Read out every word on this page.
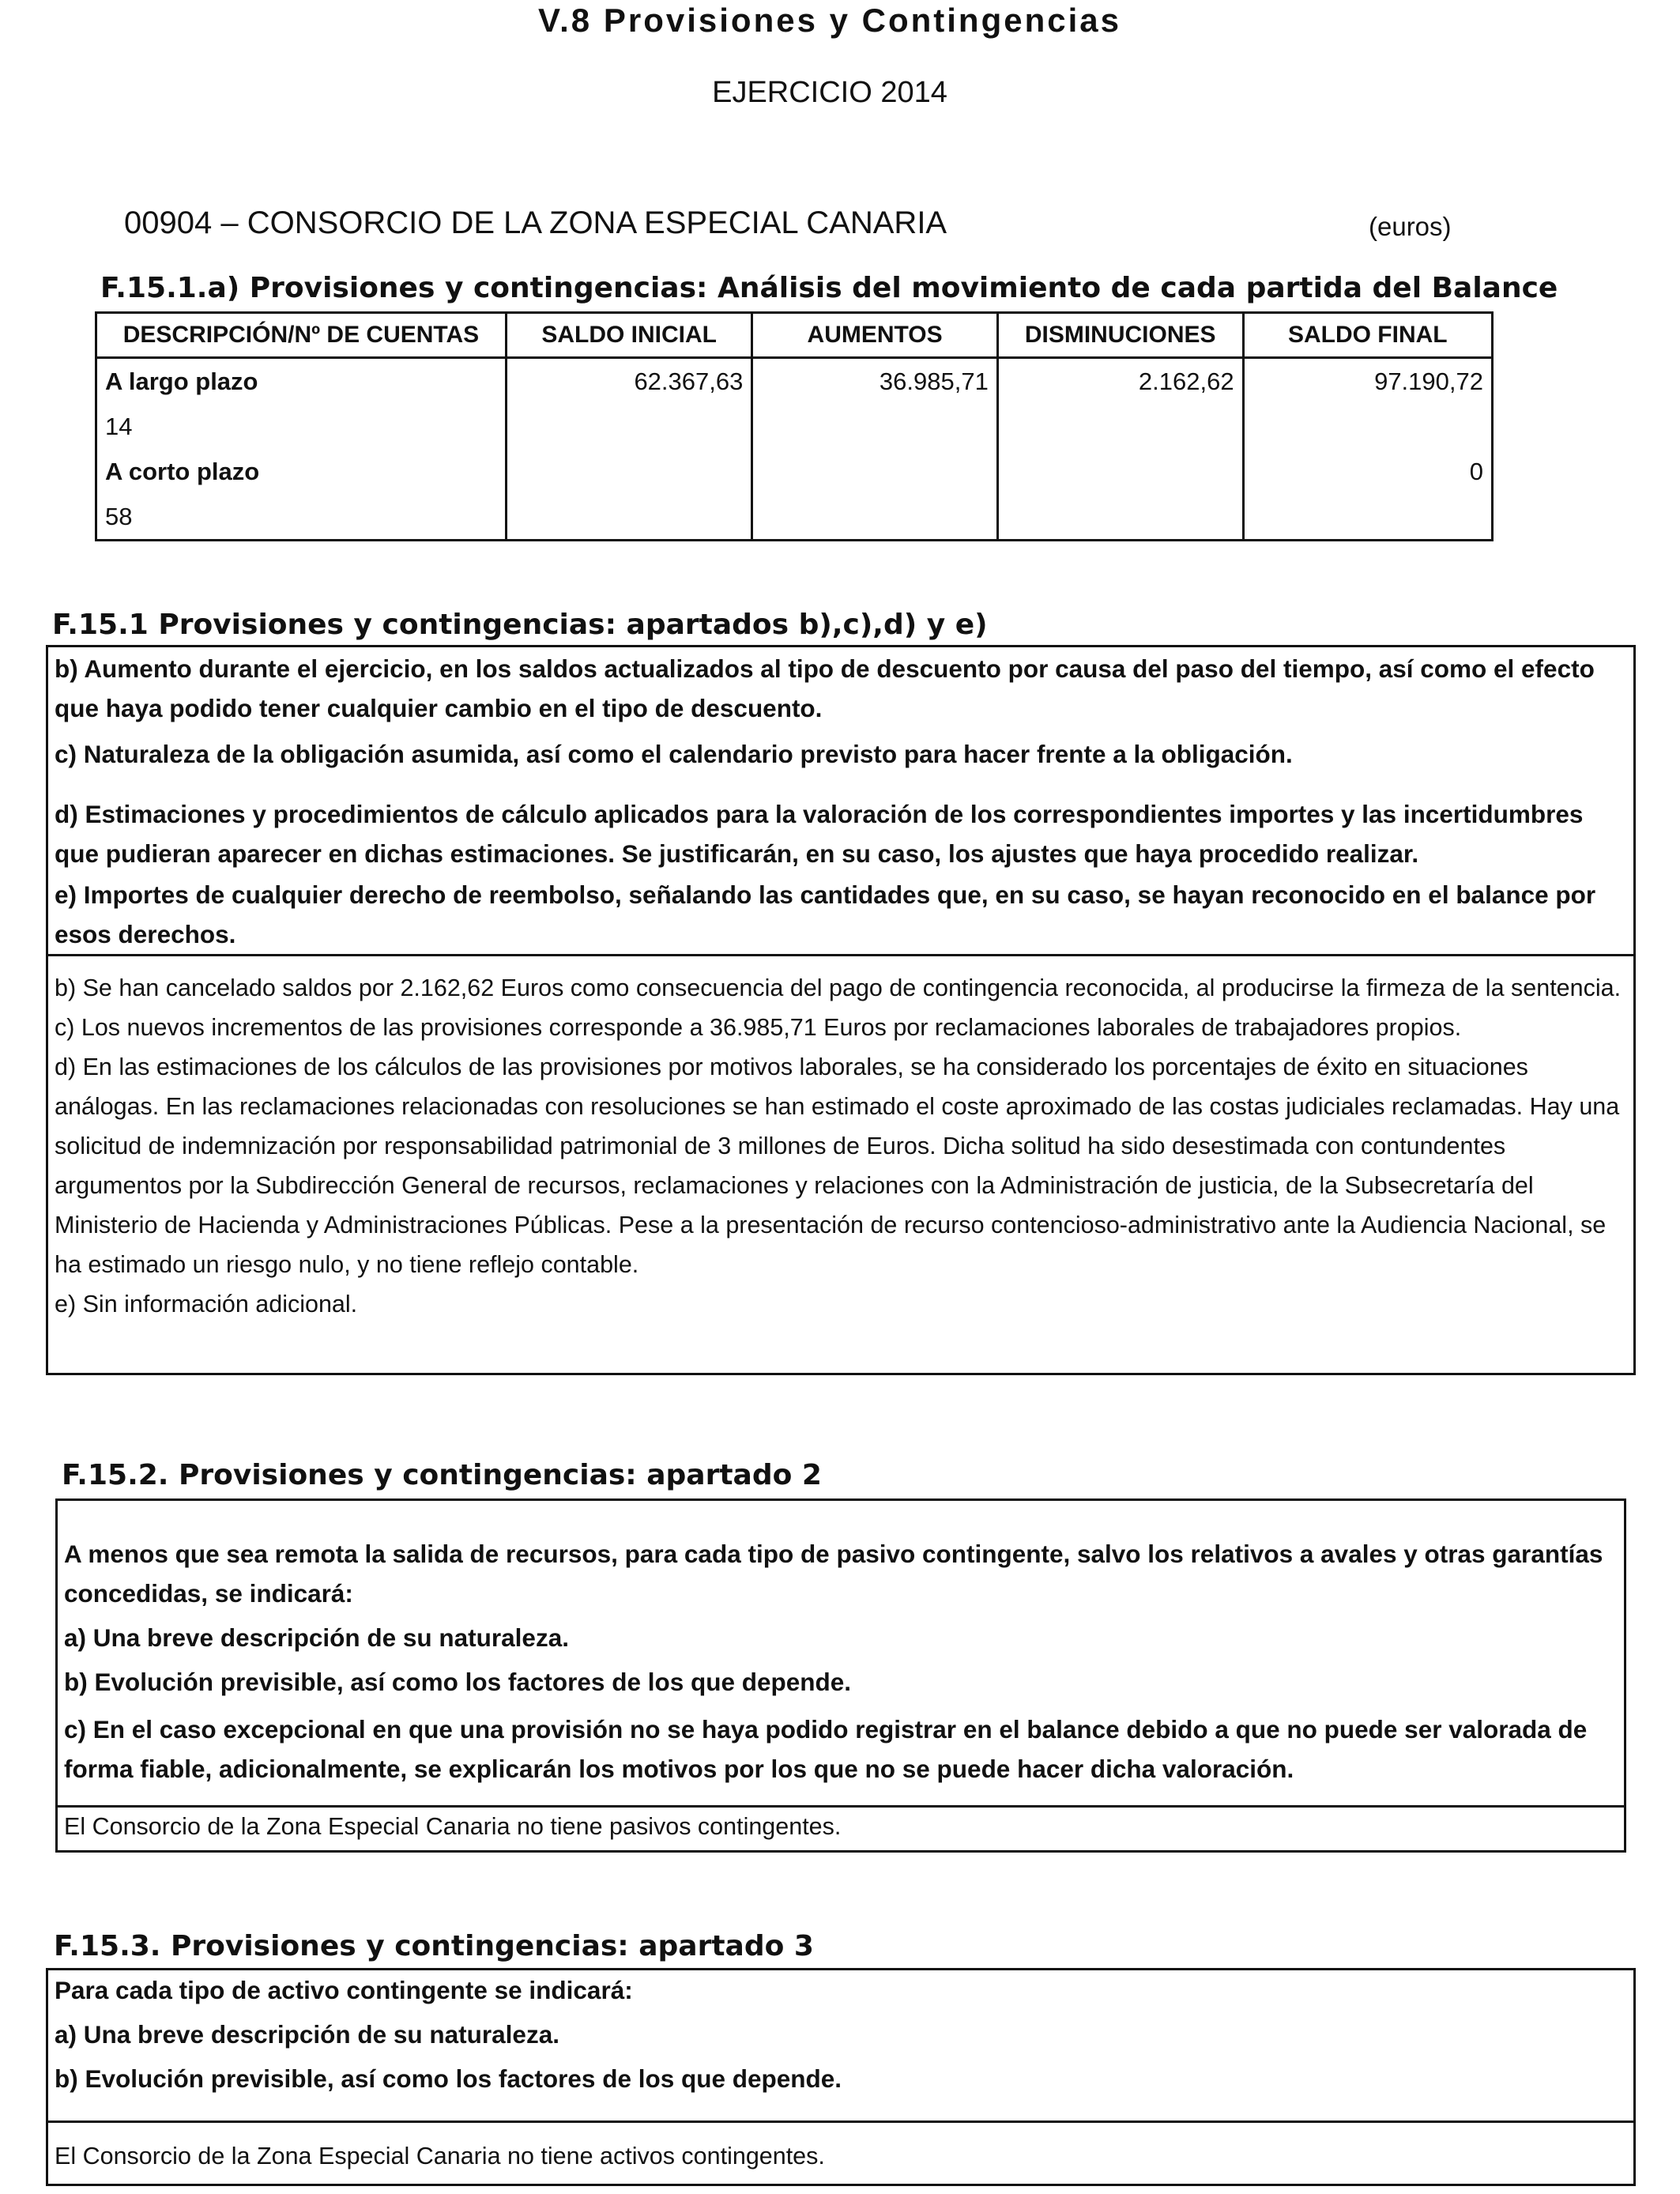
V.8 Provisiones y Contingencias
EJERCICIO 2014
00904 – CONSORCIO DE LA ZONA ESPECIAL CANARIA	(euros)
F.15.1.a) Provisiones y contingencias: Análisis del movimiento de cada partida del Balance
DESCRIPCIÓN/Nº DE CUENTAS	SALDO INICIAL	AUMENTOS	DISMINUCIONES	SALDO FINAL
A largo plazo	62.367,63	36.985,71	2.162,62	97.190,72
14				
A corto plazo				0
58				
F.15.1 Provisiones y contingencias: apartados b),c),d) y e)

b) Aumento durante el ejercicio, en los saldos actualizados al tipo de descuento por causa del paso del tiempo, así como el efecto que haya podido tener cualquier cambio en el tipo de descuento.

c) Naturaleza de la obligación asumida, así como el calendario previsto para hacer frente a la obligación.

d) Estimaciones y procedimientos de cálculo aplicados para la valoración de los correspondientes importes y las incertidumbres que pudieran aparecer en dichas estimaciones. Se justificarán, en su caso, los ajustes que haya procedido realizar.

e) Importes de cualquier derecho de reembolso, señalando las cantidades que, en su caso, se hayan reconocido en el balance por esos derechos.

b) Se han cancelado saldos por 2.162,62 Euros como consecuencia del pago de contingencia reconocida, al producirse la firmeza de la sentencia.

c) Los nuevos incrementos de las provisiones corresponde a 36.985,71 Euros por reclamaciones laborales de trabajadores propios.

d) En las estimaciones de los cálculos de las provisiones por motivos laborales, se ha considerado los porcentajes de éxito en situaciones análogas. En las reclamaciones relacionadas con resoluciones se han estimado el coste aproximado de las costas judiciales reclamadas. Hay una solicitud de indemnización por responsabilidad patrimonial de 3 millones de Euros. Dicha solitud ha sido desestimada con contundentes argumentos por la Subdirección General de recursos, reclamaciones y relaciones con la Administración de justicia, de la Subsecretaría del Ministerio de Hacienda y Administraciones Públicas. Pese a la presentación de recurso contencioso-administrativo ante la Audiencia Nacional, se ha estimado un riesgo nulo, y no tiene reflejo contable.

e) Sin información adicional.

F.15.2. Provisiones y contingencias: apartado 2

A menos que sea remota la salida de recursos, para cada tipo de pasivo contingente, salvo los relativos a avales y otras garantías concedidas, se indicará:

a) Una breve descripción de su naturaleza.

b) Evolución previsible, así como los factores de los que depende.

c) En el caso excepcional en que una provisión no se haya podido registrar en el balance debido a que no puede ser valorada de forma fiable, adicionalmente, se explicarán los motivos por los que no se puede hacer dicha valoración.

El Consorcio de la Zona Especial Canaria no tiene pasivos contingentes.
F.15.3. Provisiones y contingencias: apartado 3

Para cada tipo de activo contingente se indicará:

a) Una breve descripción de su naturaleza.

b) Evolución previsible, así como los factores de los que depende.

El Consorcio de la Zona Especial Canaria no tiene activos contingentes.
